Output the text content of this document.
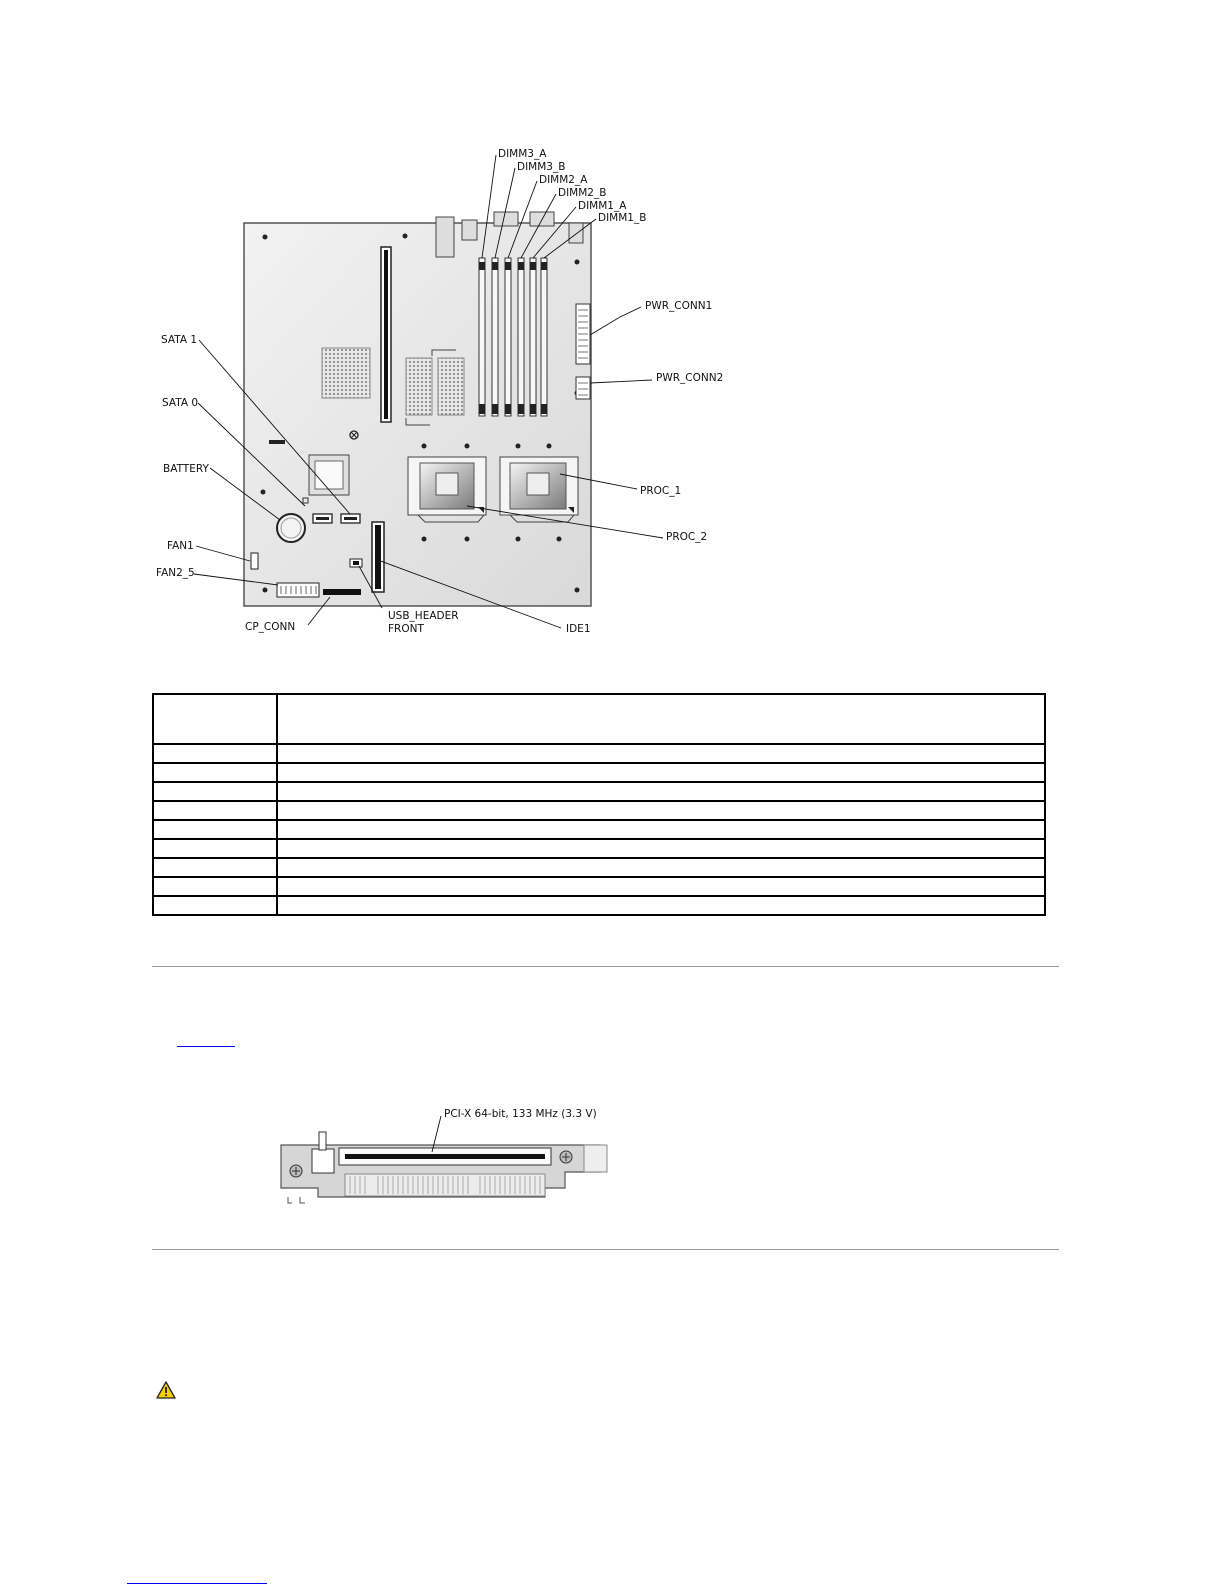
DIMM3_A
DIMM3_B
DIMM2_A
DIMM2_B
DIMM1_A
DIMM1_B
PWR_CONN1
PWR_CONN2
PROC_1
PROC_2
SATA 1
SATA 0
BATTERY
FAN1
FAN2_5
CP_CONN
USB_HEADER
FRONT	IDE1

PCI-X 64-bit, 133 MHz (3.3 V)
